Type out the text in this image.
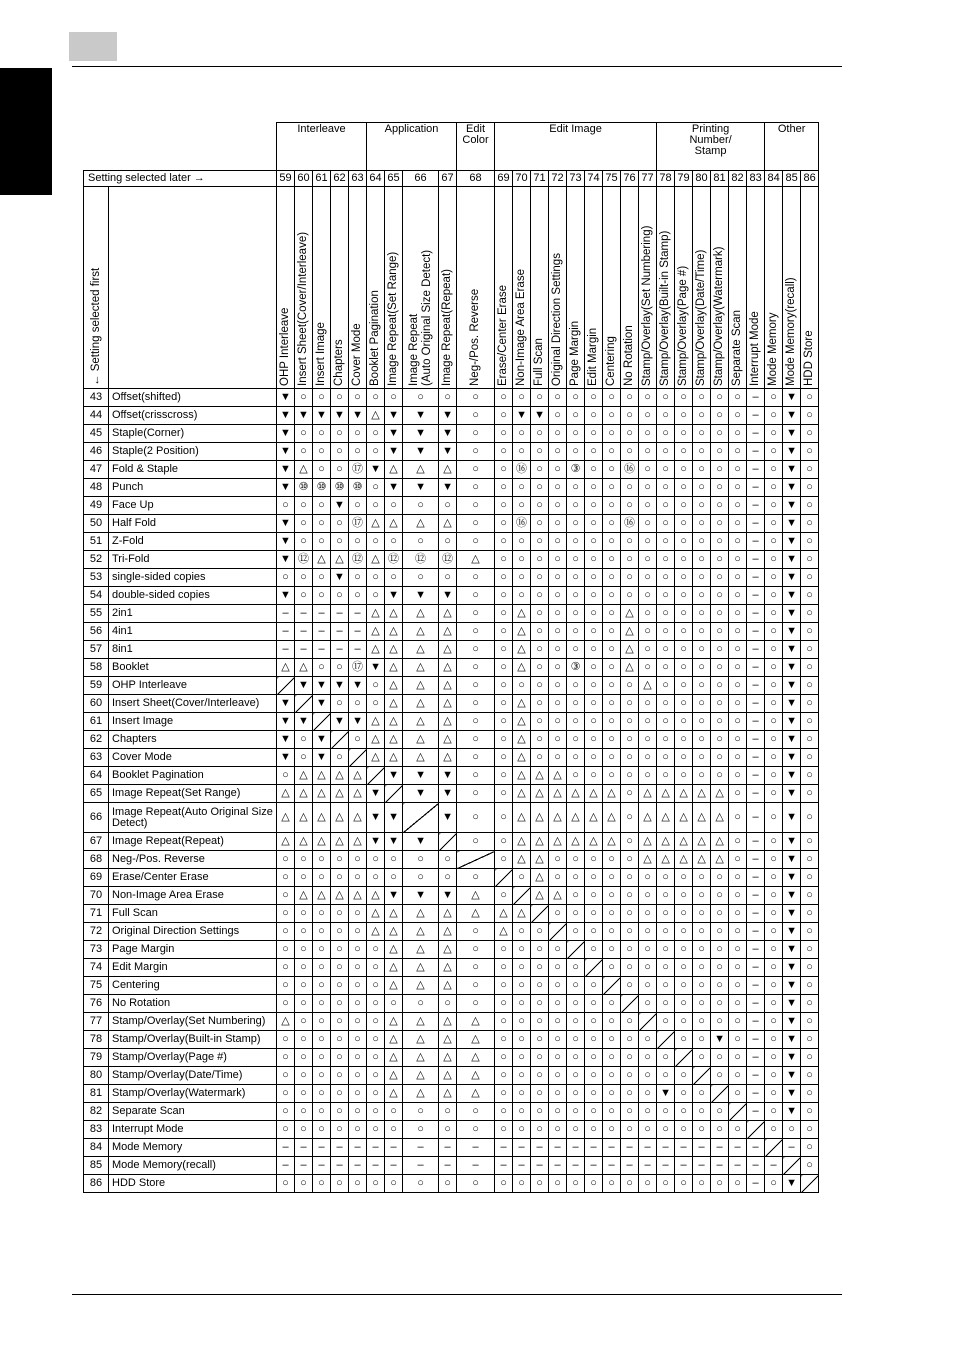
		Interleave					Application				Edit
Color	Edit Image									Printing
Number/
Stamp						Other		
Setting selected later →		59	60	61	62	63	64	65	66	67	68	69	70	71	72	73	74	75	76	77	78	79	80	81	82	83	84	85	86

← Setting selected first		OHP Interleave	Insert Sheet(Cover/Interleave)	Insert Image	Chapters	Cover Mode	Booklet Pagination	Image Repeat(Set Range)	Image Repeat
(Auto Original Size Detect)	Image Repeat(Repeat)	Neg-/Pos. Reverse	Erase/Center Erase	Non-Image Area Erase	Full Scan	Original Direction Settings	Page Margin	Edit Margin	Centering	No Rotation	Stamp/Overlay(Set Numbering)	Stamp/Overlay(Built-in Stamp)	Stamp/Overlay(Page #)	Stamp/Overlay(Date/Time)	Stamp/Overlay(Watermark)	Separate Scan	Interrupt Mode	Mode Memory	Mode Memory(recall)	HDD Store

43	Offset(shifted)	▼	○	○	○	○	○	○	○	○	○	○	○	○	○	○	○	○	○	○	○	○	○	○	○	–	○	▼	○
44	Offset(crisscross)	▼	▼	▼	▼	▼	△	▼	▼	▼	○	○	▼	▼	○	○	○	○	○	○	○	○	○	○	○	–	○	▼	○
45	Staple(Corner)	▼	○	○	○	○	○	▼	▼	▼	○	○	○	○	○	○	○	○	○	○	○	○	○	○	○	–	○	▼	○
46	Staple(2 Position)	▼	○	○	○	○	○	▼	▼	▼	○	○	○	○	○	○	○	○	○	○	○	○	○	○	○	–	○	▼	○
47	Fold & Staple	▼	△	○	○	⑰	▼	△	△	△	○	○	⑯	○	○	③	○	○	⑯	○	○	○	○	○	○	–	○	▼	○
48	Punch	▼	⑩	⑩	⑩	⑩	○	▼	▼	▼	○	○	○	○	○	○	○	○	○	○	○	○	○	○	○	–	○	▼	○
49	Face Up	○	○	○	▼	○	○	○	○	○	○	○	○	○	○	○	○	○	○	○	○	○	○	○	○	–	○	▼	○
50	Half Fold	▼	○	○	○	⑰	△	△	△	△	○	○	⑯	○	○	○	○	○	⑯	○	○	○	○	○	○	–	○	▼	○
51	Z-Fold	▼	○	○	○	○	○	○	○	○	○	○	○	○	○	○	○	○	○	○	○	○	○	○	○	–	○	▼	○
52	Tri-Fold	▼	⑫	△	△	⑫	△	⑫	⑫	⑫	△	○	○	○	○	○	○	○	○	○	○	○	○	○	○	–	○	▼	○
53	single-sided copies	○	○	○	▼	○	○	○	○	○	○	○	○	○	○	○	○	○	○	○	○	○	○	○	○	–	○	▼	○
54	double-sided copies	▼	○	○	○	○	○	▼	▼	▼	○	○	○	○	○	○	○	○	○	○	○	○	○	○	○	–	○	▼	○
55	2in1	–	–	–	–	–	△	△	△	△	○	○	△	○	○	○	○	○	△	○	○	○	○	○	○	–	○	▼	○
56	4in1	–	–	–	–	–	△	△	△	△	○	○	△	○	○	○	○	○	△	○	○	○	○	○	○	–	○	▼	○
57	8in1	–	–	–	–	–	△	△	△	△	○	○	△	○	○	○	○	○	△	○	○	○	○	○	○	–	○	▼	○
58	Booklet	△	△	○	○	⑰	▼	△	△	△	○	○	△	○	○	③	○	○	△	○	○	○	○	○	○	–	○	▼	○
59	OHP Interleave		▼	▼	▼	▼	○	△	△	△	○	○	○	○	○	○	○	○	○	△	○	○	○	○	○	–	○	▼	○
60	Insert Sheet(Cover/Interleave)	▼		▼	○	○	○	△	△	△	○	○	△	○	○	○	○	○	○	○	○	○	○	○	○	–	○	▼	○
61	Insert Image	▼	▼		▼	▼	△	△	△	△	○	○	△	○	○	○	○	○	○	○	○	○	○	○	○	–	○	▼	○
62	Chapters	▼	○	▼		○	△	△	△	△	○	○	△	○	○	○	○	○	○	○	○	○	○	○	○	–	○	▼	○
63	Cover Mode	▼	○	▼	○		△	△	△	△	○	○	△	○	○	○	○	○	○	○	○	○	○	○	○	–	○	▼	○
64	Booklet Pagination	○	△	△	△	△		▼	▼	▼	○	○	△	△	△	○	○	○	○	○	○	○	○	○	○	–	○	▼	○
65	Image Repeat(Set Range)	△	△	△	△	△	▼		▼	▼	○	○	△	△	△	△	△	△	○	△	△	△	△	△	○	–	○	▼	○
66	Image Repeat(Auto Original Size Detect)	△	△	△	△	△	▼	▼		▼	○	○	△	△	△	△	△	△	○	△	△	△	△	△	○	–	○	▼	○
67	Image Repeat(Repeat)	△	△	△	△	△	▼	▼	▼		○	○	△	△	△	△	△	△	○	△	△	△	△	△	○	–	○	▼	○
68	Neg-/Pos. Reverse	○	○	○	○	○	○	○	○	○		○	△	△	○	○	○	○	○	△	△	△	△	△	○	–	○	▼	○
69	Erase/Center Erase	○	○	○	○	○	○	○	○	○	○		○	△	○	○	○	○	○	○	○	○	○	○	○	–	○	▼	○
70	Non-Image Area Erase	○	△	△	△	△	△	▼	▼	▼	△	○		△	△	○	○	○	○	○	○	○	○	○	○	–	○	▼	○
71	Full Scan	○	○	○	○	○	△	△	△	△	△	△	△		○	○	○	○	○	○	○	○	○	○	○	–	○	▼	○
72	Original Direction Settings	○	○	○	○	○	△	△	△	△	○	△	○	○		○	○	○	○	○	○	○	○	○	○	–	○	▼	○
73	Page Margin	○	○	○	○	○	○	△	△	△	○	○	○	○	○		○	○	○	○	○	○	○	○	○	–	○	▼	○
74	Edit Margin	○	○	○	○	○	○	△	△	△	○	○	○	○	○	○		○	○	○	○	○	○	○	○	–	○	▼	○
75	Centering	○	○	○	○	○	○	△	△	△	○	○	○	○	○	○	○		○	○	○	○	○	○	○	–	○	▼	○
76	No Rotation	○	○	○	○	○	○	○	○	○	○	○	○	○	○	○	○	○		○	○	○	○	○	○	–	○	▼	○
77	Stamp/Overlay(Set Numbering)	△	○	○	○	○	○	△	△	△	△	○	○	○	○	○	○	○	○		○	○	○	○	○	–	○	▼	○
78	Stamp/Overlay(Built-in Stamp)	○	○	○	○	○	○	△	△	△	△	○	○	○	○	○	○	○	○	○		○	○	▼	○	–	○	▼	○
79	Stamp/Overlay(Page #)	○	○	○	○	○	○	△	△	△	△	○	○	○	○	○	○	○	○	○	○		○	○	○	–	○	▼	○
80	Stamp/Overlay(Date/Time)	○	○	○	○	○	○	△	△	△	△	○	○	○	○	○	○	○	○	○	○	○		○	○	–	○	▼	○
81	Stamp/Overlay(Watermark)	○	○	○	○	○	○	△	△	△	△	○	○	○	○	○	○	○	○	○	▼	○	○		○	–	○	▼	○
82	Separate Scan	○	○	○	○	○	○	○	○	○	○	○	○	○	○	○	○	○	○	○	○	○	○	○		–	○	▼	○
83	Interrupt Mode	○	○	○	○	○	○	○	○	○	○	○	○	○	○	○	○	○	○	○	○	○	○	○	○		○	○	○
84	Mode Memory	–	–	–	–	–	–	–	–	–	–	–	–	–	–	–	–	–	–	–	–	–	–	–	–	–		–	○
85	Mode Memory(recall)	–	–	–	–	–	–	–	–	–	–	–	–	–	–	–	–	–	–	–	–	–	–	–	–	–	–		○
86	HDD Store	○	○	○	○	○	○	○	○	○	○	○	○	○	○	○	○	○	○	○	○	○	○	○	○	–	○	▼	
